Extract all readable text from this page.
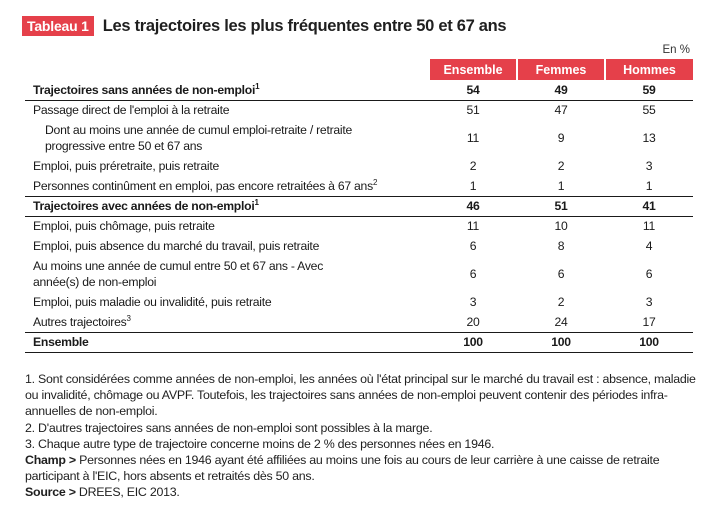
Tableau 1 Les trajectoires les plus fréquentes entre 50 et 67 ans
En %
	Ensemble	Femmes	Hommes
Trajectoires sans années de non-emploi$^1$	54	49	59
Passage direct de l'emploi à la retraite	51	47	55
Dont au moins une année de cumul emploi-retraite / retraite progressive entre 50 et 67 ans	11	9	13
Emploi, puis préretraite, puis retraite	2	2	3
Personnes continûment en emploi, pas encore retraitées à 67 ans$^2$	1	1	1
Trajectoires avec années de non-emploi$^1$	46	51	41
Emploi, puis chômage, puis retraite	11	10	11
Emploi, puis absence du marché du travail, puis retraite	6	8	4
Au moins une année de cumul entre 50 et 67 ans - Avec année(s) de non-emploi	6	6	6
Emploi, puis maladie ou invalidité, puis retraite	3	2	3
Autres trajectoires$^3$	20	24	17
Ensemble	100	100	100

1. Sont considérées comme années de non-emploi, les années où l'état principal sur le marché du travail est : absence, maladie ou invalidité, chômage ou AVPF. Toutefois, les trajectoires sans années de non-emploi peuvent contenir des périodes infra-annuelles de non-emploi.

2. D'autres trajectoires sans années de non-emploi sont possibles à la marge.

3. Chaque autre type de trajectoire concerne moins de 2 % des personnes nées en 1946.

Champ > Personnes nées en 1946 ayant été affiliées au moins une fois au cours de leur carrière à une caisse de retraite participant à l'EIC, hors absents et retraités dès 50 ans.

Source > DREES, EIC 2013.
